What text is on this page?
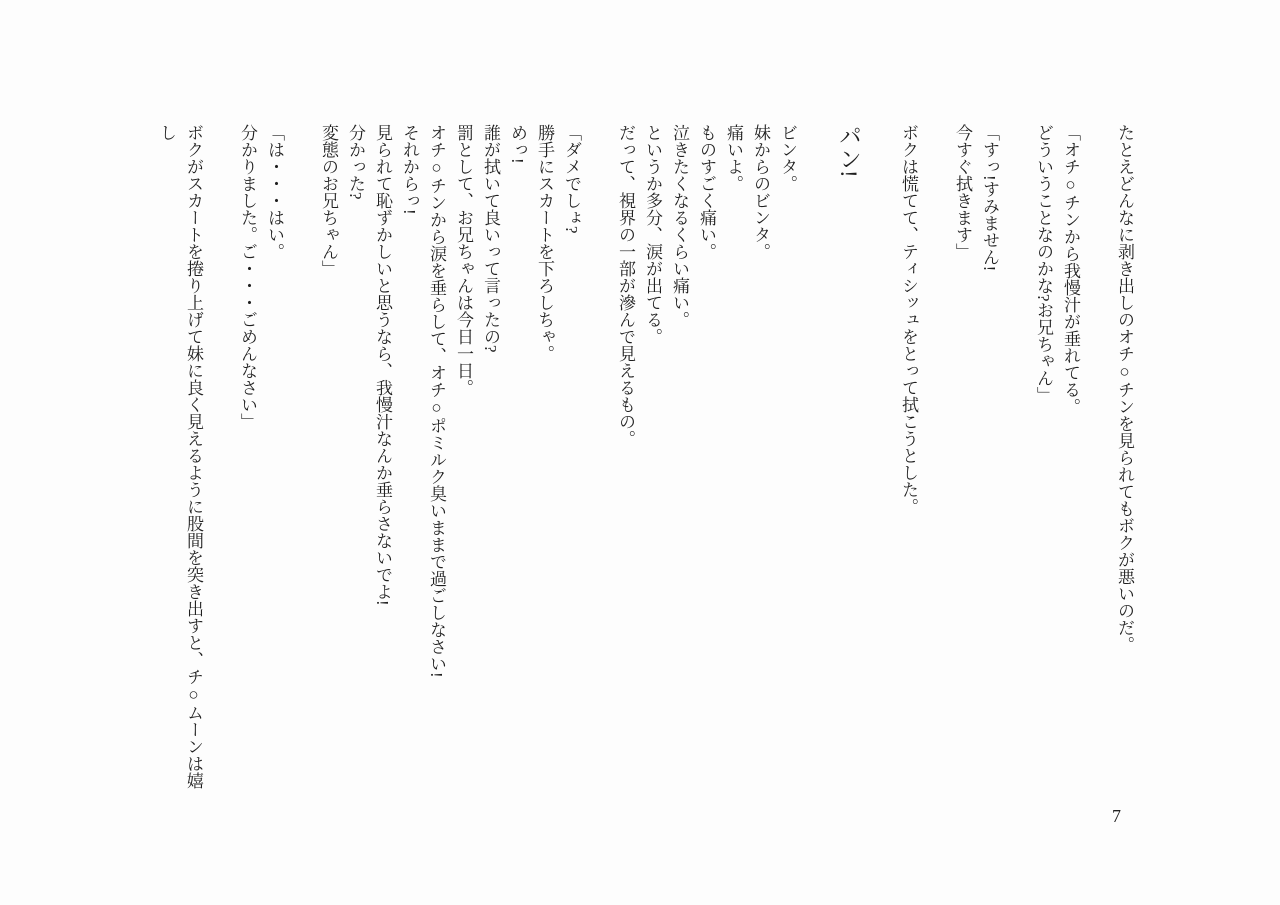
たとえどんなに剥き出しのオチ○チンを見られてもボクが悪いのだ。

「オチ○チンから我慢汁が垂れてる。

どういうことなのかな?お兄ちゃん」

「すっ!すみません!

今すぐ拭きます」

ボクは慌てて、ティシッュをとって拭こうとした。

パン!

ビンタ。

妹からのビンタ。

痛いよ。

ものすごく痛い。

泣きたくなるくらい痛い。

というか多分、涙が出てる。

だって、視界の一部が滲んで見えるもの。

「ダメでしょ?

勝手にスカートを下ろしちゃ。

めっ!

誰が拭いて良いって言ったの?

罰として、お兄ちゃんは今日一日。

オチ○チンから涙を垂らして、オチ○ポミルク臭いままで過ごしなさい!

それからっ!

見られて恥ずかしいと思うなら、我慢汁なんか垂らさないでよ!

分かった?

変態のお兄ちゃん」

「は・・・はい。

分かりました。ご・・・ごめんなさい」

ボクがスカートを捲り上げて妹に良く見えるように股間を突き出すと、チ○ムーンは嬉し

7
